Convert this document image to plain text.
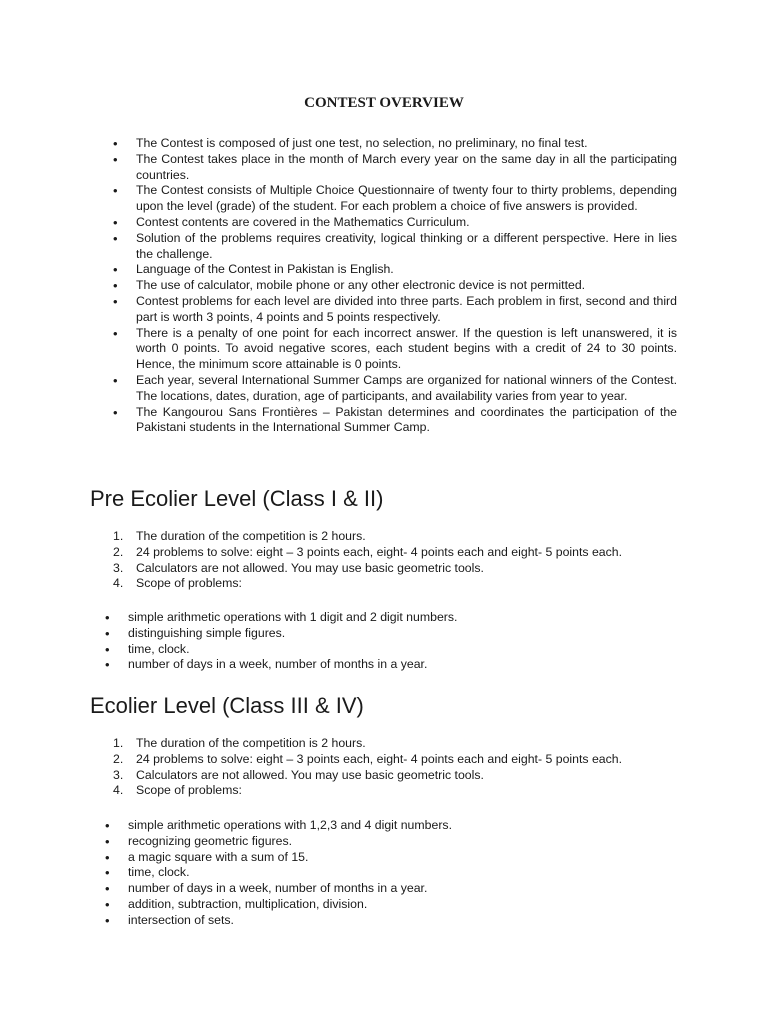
CONTEST OVERVIEW
• The Contest is composed of just one test, no selection, no preliminary, no final test.
• The Contest takes place in the month of March every year on the same day in all the participating countries.
• The Contest consists of Multiple Choice Questionnaire of twenty four to thirty problems, depending upon the level (grade) of the student. For each problem a choice of five answers is provided.
• Contest contents are covered in the Mathematics Curriculum.
• Solution of the problems requires creativity, logical thinking or a different perspective. Here in lies the challenge.
• Language of the Contest in Pakistan is English.
• The use of calculator, mobile phone or any other electronic device is not permitted.
• Contest problems for each level are divided into three parts. Each problem in first, second and third part is worth 3 points, 4 points and 5 points respectively.
• There is a penalty of one point for each incorrect answer. If the question is left unanswered, it is worth 0 points. To avoid negative scores, each student begins with a credit of 24 to 30 points. Hence, the minimum score attainable is 0 points.
• Each year, several International Summer Camps are organized for national winners of the Contest. The locations, dates, duration, age of participants, and availability varies from year to year.
• The Kangourou Sans Frontières – Pakistan determines and coordinates the participation of the Pakistani students in the International Summer Camp.
Pre Ecolier Level (Class I & II)
1. The duration of the competition is 2 hours.
2. 24 problems to solve: eight – 3 points each, eight- 4 points each and eight- 5 points each.
3. Calculators are not allowed. You may use basic geometric tools.
4. Scope of problems:
• simple arithmetic operations with 1 digit and 2 digit numbers.
• distinguishing simple figures.
• time, clock.
• number of days in a week, number of months in a year.
Ecolier Level (Class III & IV)
1. The duration of the competition is 2 hours.
2. 24 problems to solve: eight – 3 points each, eight- 4 points each and eight- 5 points each.
3. Calculators are not allowed. You may use basic geometric tools.
4. Scope of problems:
• simple arithmetic operations with 1,2,3 and 4 digit numbers.
• recognizing geometric figures.
• a magic square with a sum of 15.
• time, clock.
• number of days in a week, number of months in a year.
• addition, subtraction, multiplication, division.
• intersection of sets.
